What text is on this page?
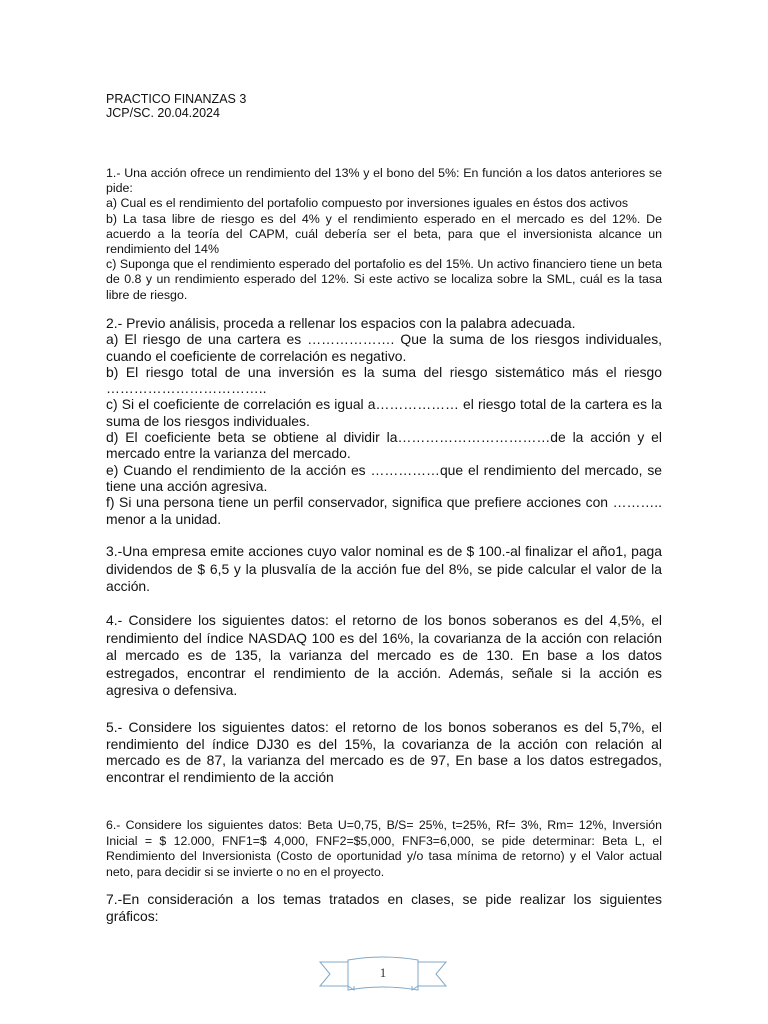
PRACTICO FINANZAS 3
JCP/SC. 20.04.2024
1.- Una acción ofrece un rendimiento del 13% y el bono del 5%: En función a los datos anteriores se pide:
a) Cual es el rendimiento del portafolio compuesto por inversiones iguales en éstos dos activos
b) La tasa libre de riesgo es del 4% y el rendimiento esperado en el mercado es del 12%. De acuerdo a la teoría del CAPM, cuál debería ser el beta, para que el inversionista alcance un rendimiento del 14%
c) Suponga que el rendimiento esperado del portafolio es del 15%. Un activo financiero tiene un beta de 0.8 y un rendimiento esperado del 12%. Si este activo se localiza sobre la SML, cuál es la tasa libre de riesgo.
2.- Previo análisis, proceda a rellenar los espacios con la palabra adecuada.
a) El riesgo de una cartera es ………………. Que la suma de los riesgos individuales, cuando el coeficiente de correlación es negativo.
b) El riesgo total de una inversión es la suma del riesgo sistemático más el riesgo ……………………………..
c) Si el coeficiente de correlación es igual a……………… el riesgo total de la cartera es la suma de los riesgos individuales.
d) El coeficiente beta se obtiene al dividir la……………………………de la acción y el mercado entre la varianza del mercado.
e) Cuando el rendimiento de la acción es ……………que el rendimiento del mercado, se tiene una acción agresiva.
f) Si una persona tiene un perfil conservador, significa que prefiere acciones con ……….. menor a la unidad.
3.-Una empresa emite acciones cuyo valor nominal es de $ 100.-al finalizar el año1, paga dividendos de $ 6,5 y la plusvalía de la acción fue del 8%, se pide calcular el valor de la acción.
4.- Considere los siguientes datos: el retorno de los bonos soberanos es del 4,5%, el rendimiento del índice NASDAQ 100 es del 16%, la covarianza de la acción con relación al mercado es de 135, la varianza del mercado es de 130. En base a los datos estregados, encontrar el rendimiento de la acción. Además, señale si la acción es agresiva o defensiva.
5.- Considere los siguientes datos: el retorno de los bonos soberanos es del 5,7%, el rendimiento del índice DJ30 es del 15%, la covarianza de la acción con relación al mercado es de 87, la varianza del mercado es de 97, En base a los datos estregados, encontrar el rendimiento de la acción
6.- Considere los siguientes datos: Beta U=0,75, B/S= 25%, t=25%, Rf= 3%, Rm= 12%, Inversión Inicial = $ 12.000, FNF1=$ 4,000, FNF2=$5,000, FNF3=6,000, se pide determinar: Beta L, el Rendimiento del Inversionista (Costo de oportunidad y/o tasa mínima de retorno) y el Valor actual neto, para decidir si se invierte o no en el proyecto.
7.-En consideración a los temas tratados en clases, se pide realizar los siguientes gráficos:
1
